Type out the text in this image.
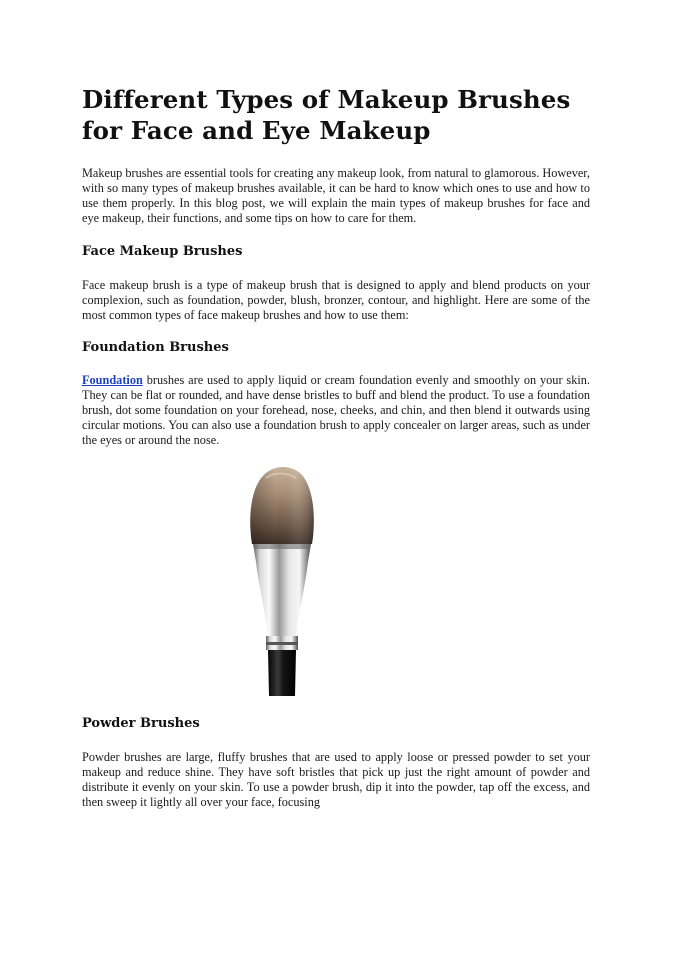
Different Types of Makeup Brushes for Face and Eye Makeup

Makeup brushes are essential tools for creating any makeup look, from natural to glamorous. However, with so many types of makeup brushes available, it can be hard to know which ones to use and how to use them properly. In this blog post, we will explain the main types of makeup brushes for face and eye makeup, their functions, and some tips on how to care for them.

Face Makeup Brushes

Face makeup brush is a type of makeup brush that is designed to apply and blend products on your complexion, such as foundation, powder, blush, bronzer, contour, and highlight. Here are some of the most common types of face makeup brushes and how to use them:

Foundation Brushes

Foundation brushes are used to apply liquid or cream foundation evenly and smoothly on your skin. They can be flat or rounded, and have dense bristles to buff and blend the product. To use a foundation brush, dot some foundation on your forehead, nose, cheeks, and chin, and then blend it outwards using circular motions. You can also use a foundation brush to apply concealer on larger areas, such as under the eyes or around the nose.

Powder Brushes

Powder brushes are large, fluffy brushes that are used to apply loose or pressed powder to set your makeup and reduce shine. They have soft bristles that pick up just the right amount of powder and distribute it evenly on your skin. To use a powder brush, dip it into the powder, tap off the excess, and then sweep it lightly all over your face, focusing
